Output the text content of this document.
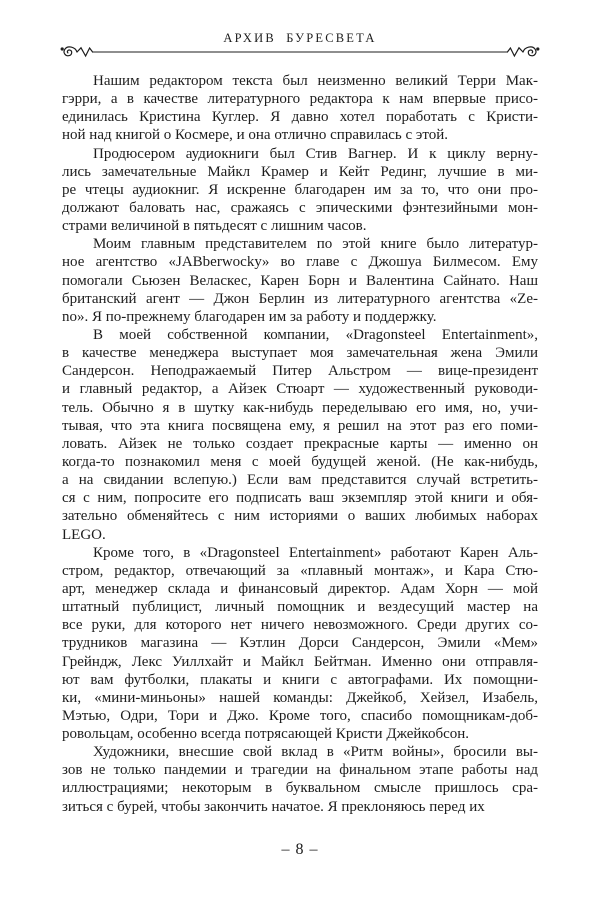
АРХИВ БУРЕСВЕТА

Нашим редактором текста был неизменно великий Терри Мак-
гэрри, а в качестве литературного редактора к нам впервые присо-
единилась Кристина Куглер. Я давно хотел поработать с Кристи-
ной над книгой о Космере, и она отлично справилась с этой.

Продюсером аудиокниги был Стив Вагнер. И к циклу верну-
лись замечательные Майкл Крамер и Кейт Рединг, лучшие в ми-
ре чтецы аудиокниг. Я искренне благодарен им за то, что они про-
должают баловать нас, сражаясь с эпическими фэнтезийными мон-
страми величиной в пятьдесят с лишним часов.

Моим главным представителем по этой книге было литератур-
ное агентство «JABberwocky» во главе с Джошуа Билмесом. Ему
помогали Сьюзен Веласкес, Карен Борн и Валентина Сайнато. Наш
британский агент — Джон Берлин из литературного агентства «Ze-
no». Я по-прежнему благодарен им за работу и поддержку.

В моей собственной компании, «Dragonsteel Entertainment»,
в качестве менеджера выступает моя замечательная жена Эмили
Сандерсон. Неподражаемый Питер Альстром — вице-президент
и главный редактор, а Айзек Стюарт — художественный руководи-
тель. Обычно я в шутку как-нибудь переделываю его имя, но, учи-
тывая, что эта книга посвящена ему, я решил на этот раз его поми-
ловать. Айзек не только создает прекрасные карты — именно он
когда-то познакомил меня с моей будущей женой. (Не как-нибудь,
а на свидании вслепую.) Если вам представится случай встретить-
ся с ним, попросите его подписать ваш экземпляр этой книги и обя-
зательно обменяйтесь с ним историями о ваших любимых наборах
LEGO.

Кроме того, в «Dragonsteel Entertainment» работают Карен Аль-
стром, редактор, отвечающий за «плавный монтаж», и Кара Стю-
арт, менеджер склада и финансовый директор. Адам Хорн — мой
штатный публицист, личный помощник и вездесущий мастер на
все руки, для которого нет ничего невозможного. Среди других со-
трудников магазина — Кэтлин Дорси Сандерсон, Эмили «Мем»
Грейндж, Лекс Уиллхайт и Майкл Бейтман. Именно они отправля-
ют вам футболки, плакаты и книги с автографами. Их помощни-
ки, «мини-миньоны» нашей команды: Джейкоб, Хейзел, Изабель,
Мэтью, Одри, Тори и Джо. Кроме того, спасибо помощникам-доб-
ровольцам, особенно всегда потрясающей Кристи Джейкобсон.

Художники, внесшие свой вклад в «Ритм войны», бросили вы-
зов не только пандемии и трагедии на финальном этапе работы над
иллюстрациями; некоторым в буквальном смысле пришлось сра-
зиться с бурей, чтобы закончить начатое. Я преклоняюсь перед их

– 8 –
